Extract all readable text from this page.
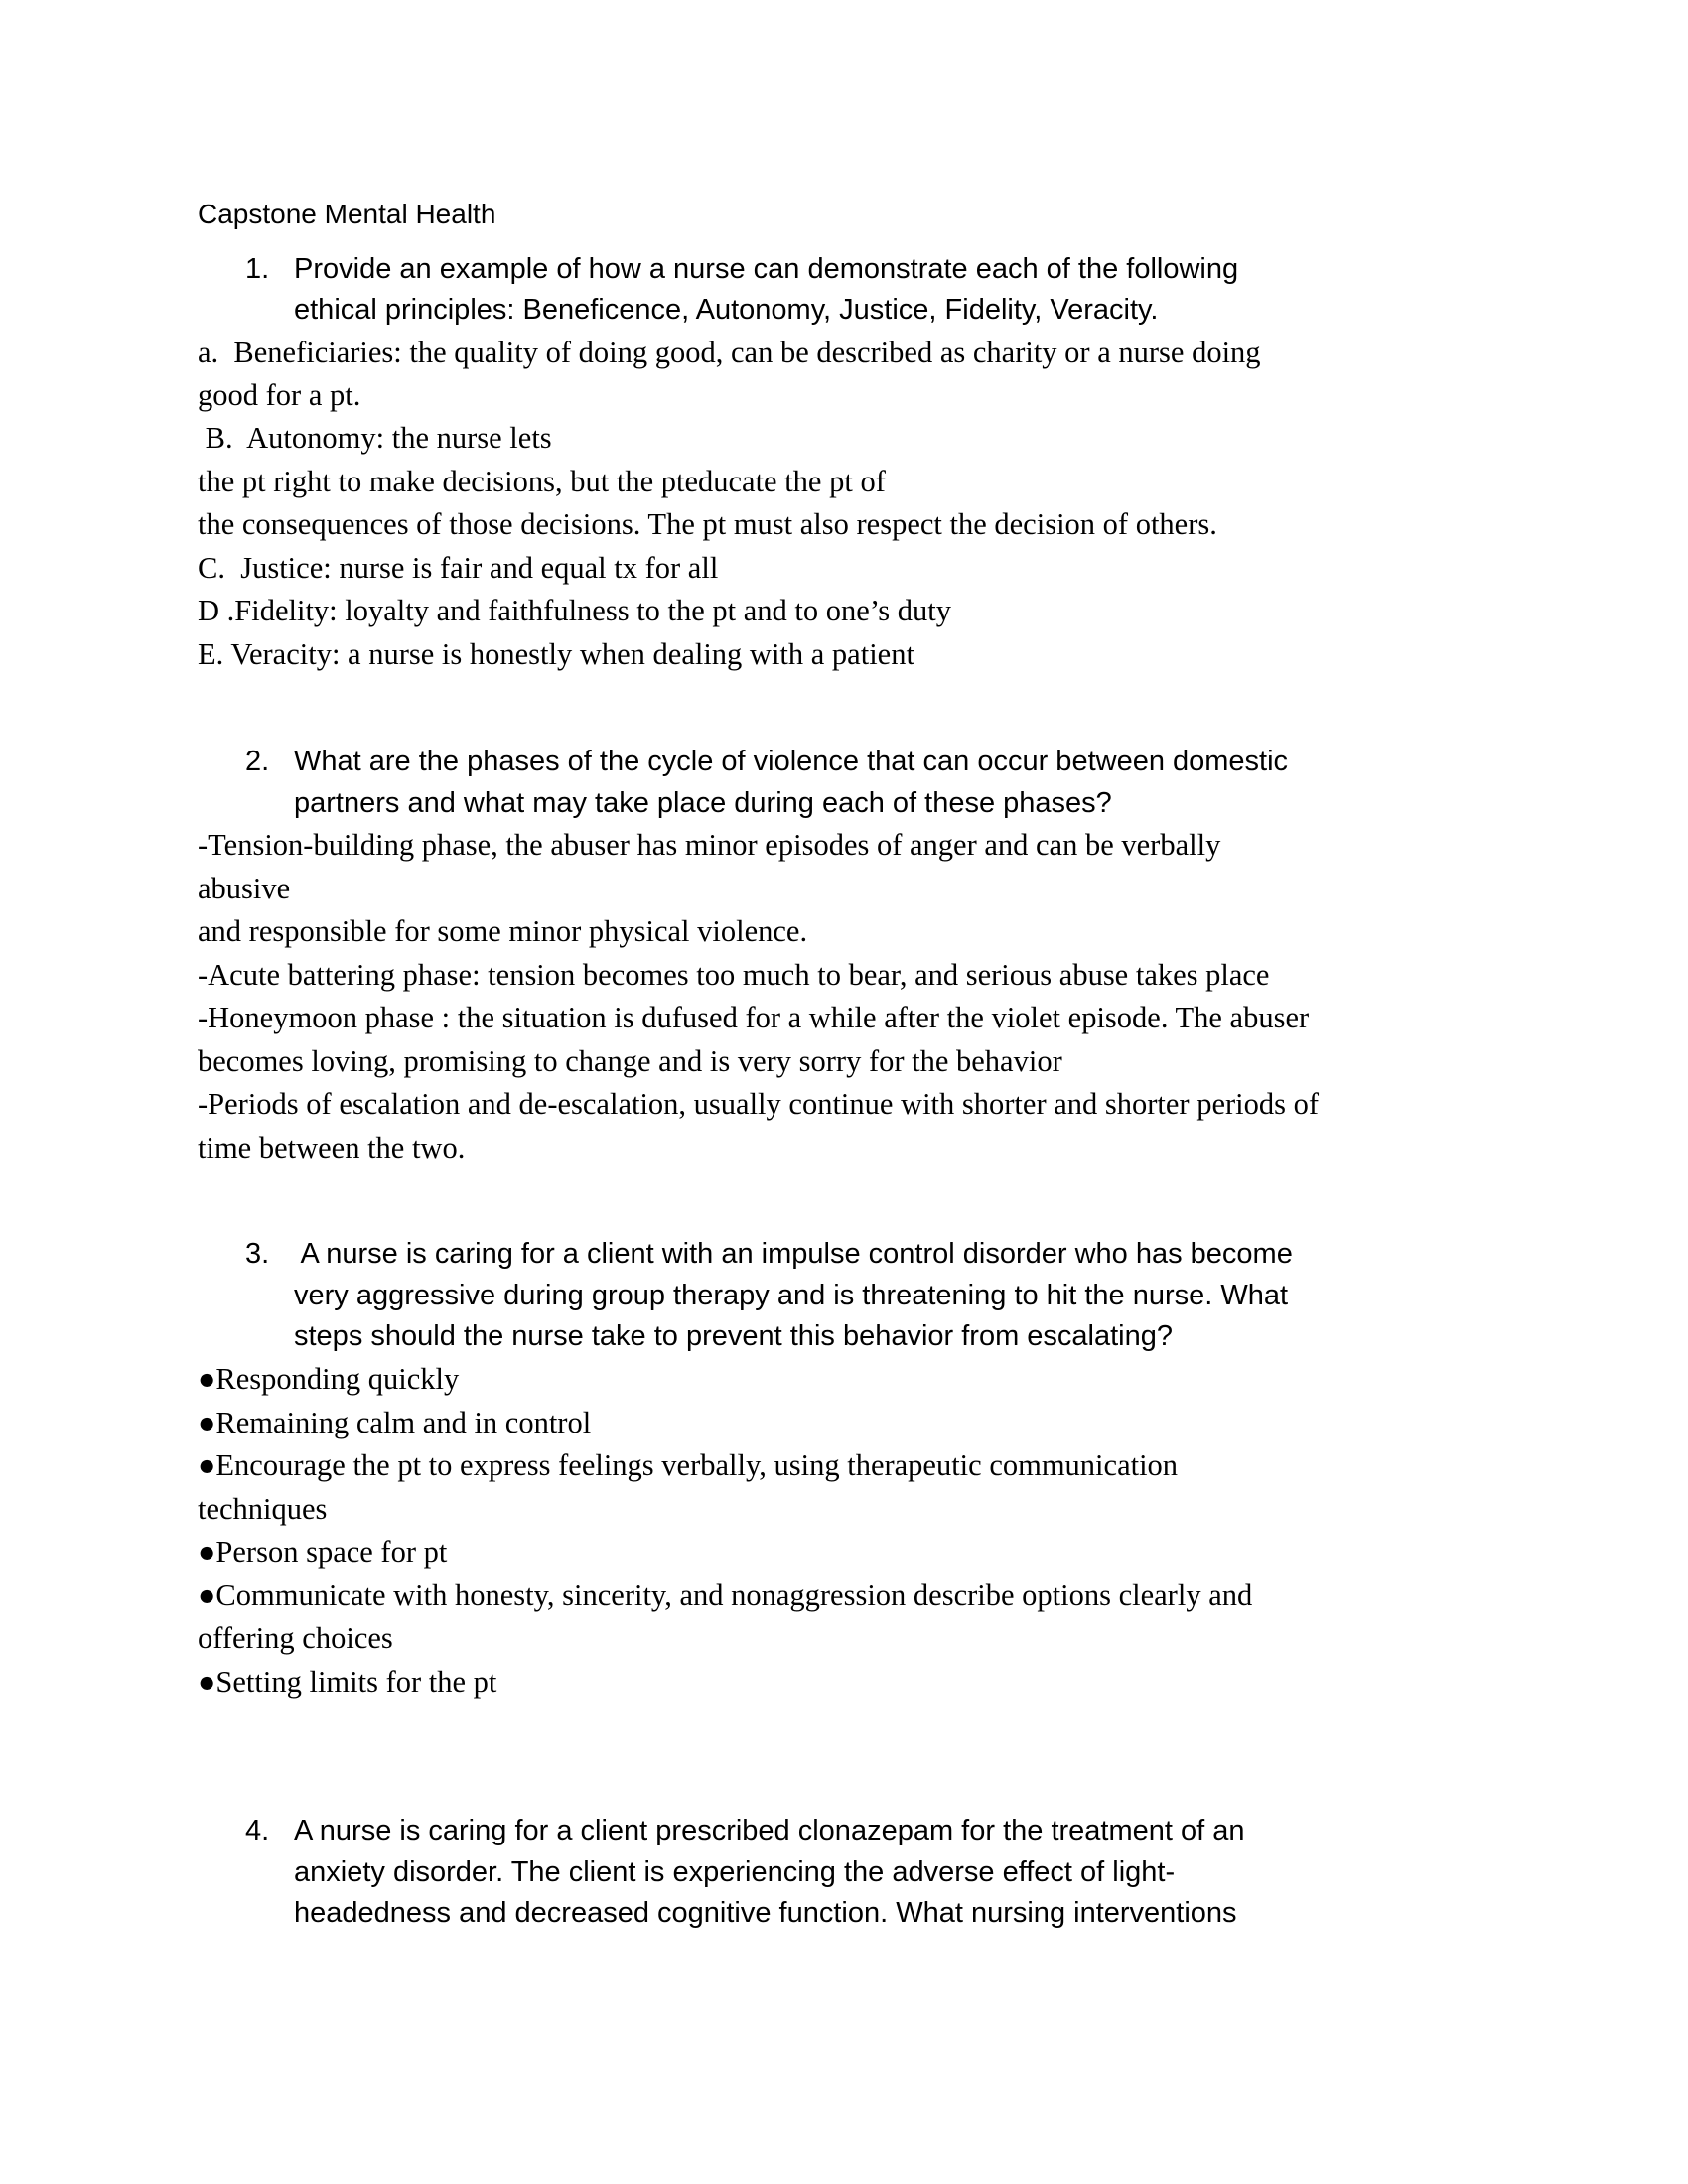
Capstone Mental Health
1. Provide an example of how a nurse can demonstrate each of the following
ethical principles: Beneficence, Autonomy, Justice, Fidelity, Veracity.
a.  Beneficiaries: the quality of doing good, can be described as charity or a nurse doing
good for a pt.
B.  Autonomy: the nurse lets
the pt right to make decisions, but the pteducate the pt of
the consequences of those decisions. The pt must also respect the decision of others.
C.  Justice: nurse is fair and equal tx for all
D .Fidelity: loyalty and faithfulness to the pt and to one’s duty
E. Veracity: a nurse is honestly when dealing with a patient
2. What are the phases of the cycle of violence that can occur between domestic
partners and what may take place during each of these phases?
-Tension-building phase, the abuser has minor episodes of anger and can be verbally
abusive
and responsible for some minor physical violence.
-Acute battering phase: tension becomes too much to bear, and serious abuse takes place
-Honeymoon phase : the situation is dufused for a while after the violet episode. The abuser
becomes loving, promising to change and is very sorry for the behavior
-Periods of escalation and de-escalation, usually continue with shorter and shorter periods of
time between the two.
3. A nurse is caring for a client with an impulse control disorder who has become
very aggressive during group therapy and is threatening to hit the nurse. What
steps should the nurse take to prevent this behavior from escalating?
●Responding quickly
●Remaining calm and in control
●Encourage the pt to express feelings verbally, using therapeutic communication
techniques
●Person space for pt
●Communicate with honesty, sincerity, and nonaggression describe options clearly and
offering choices
●Setting limits for the pt
4. A nurse is caring for a client prescribed clonazepam for the treatment of an
anxiety disorder. The client is experiencing the adverse effect of light-
headedness and decreased cognitive function. What nursing interventions
